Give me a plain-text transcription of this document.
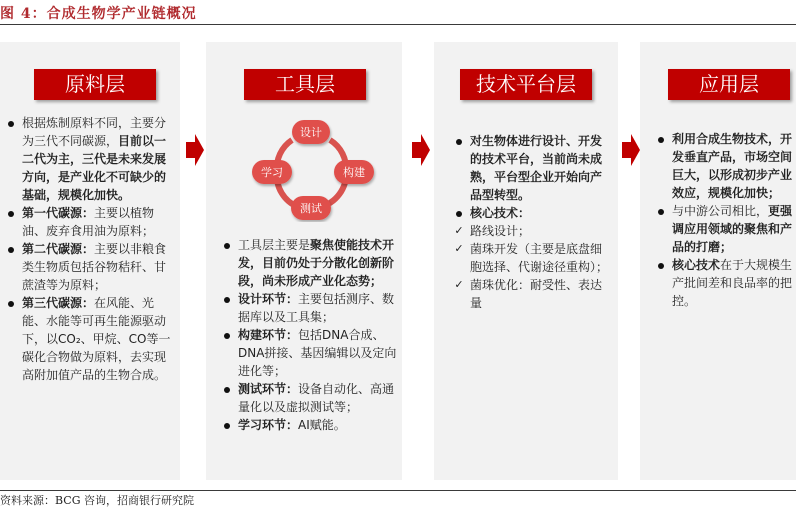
图 4：合成生物学产业链概况
原料层
根据炼制原料不同，主要分为三代不同碳源，目前以一二代为主，三代是未来发展方向，是产业化不可缺少的基础，规模化加快。
第一代碳源：主要以植物油、废弃食用油为原料；
第二代碳源：主要以非粮食类生物质包括谷物秸秆、甘蔗渣等为原料；
第三代碳源：在风能、光能、水能等可再生能源驱动下，以CO₂、甲烷、CO等一碳化合物做为原料，去实现高附加值产品的生物合成。
工具层
设计
构建
测试
学习
工具层主要是聚焦使能技术开发，目前仍处于分散化创新阶段，尚未形成产业化态势；
设计环节：主要包括测序、数据库以及工具集；
构建环节：包括DNA合成、DNA拼接、基因编辑以及定向进化等；
测试环节：设备自动化、高通量化以及虚拟测试等；
学习环节：AI赋能。
技术平台层
对生物体进行设计、开发的技术平台，当前尚未成熟，平台型企业开始向产品型转型。
核心技术：
✓ 路线设计；
✓ 菌珠开发（主要是底盘细胞选择、代谢途径重构）；
✓ 菌珠优化：耐受性、表达量
应用层
利用合成生物技术，开发垂直产品，市场空间巨大，以形成初步产业效应，规模化加快；
与中游公司相比，更强调应用领域的聚焦和产品的打磨；
核心技术在于大规模生产批间差和良品率的把控。
资料来源：BCG 咨询，招商银行研究院
